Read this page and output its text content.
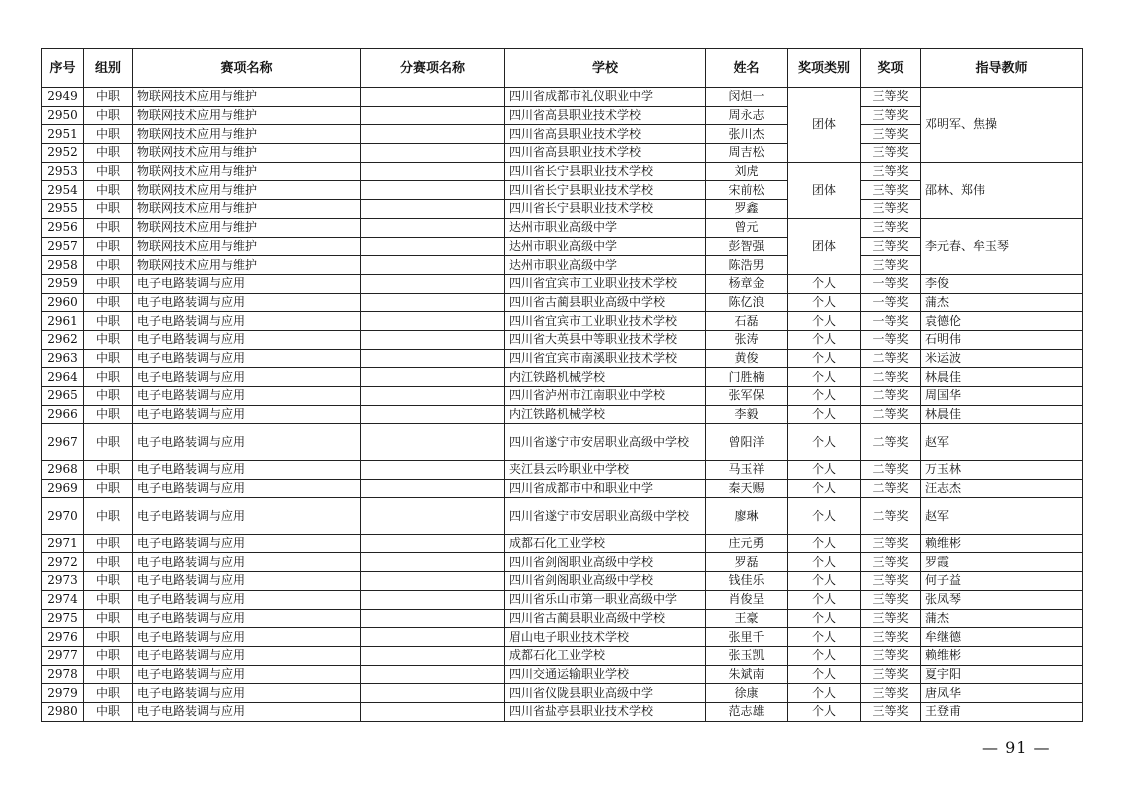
序号	组别	赛项名称	分赛项名称	学校	姓名	奖项类别	奖项	指导教师
2949	中职	物联网技术应用与维护		四川省成都市礼仪职业中学	闵炟一	团体	三等奖	邓明军、焦操
2950	中职	物联网技术应用与维护		四川省高县职业技术学校	周永志		三等奖	
2951	中职	物联网技术应用与维护		四川省高县职业技术学校	张川杰		三等奖	
2952	中职	物联网技术应用与维护		四川省高县职业技术学校	周吉松		三等奖	
2953	中职	物联网技术应用与维护		四川省长宁县职业技术学校	刘虎	团体	三等奖	邵林、郑伟
2954	中职	物联网技术应用与维护		四川省长宁县职业技术学校	宋前松		三等奖	
2955	中职	物联网技术应用与维护		四川省长宁县职业技术学校	罗鑫		三等奖	
2956	中职	物联网技术应用与维护		达州市职业高级中学	曾元	团体	三等奖	李元春、牟玉琴
2957	中职	物联网技术应用与维护		达州市职业高级中学	彭智强		三等奖	
2958	中职	物联网技术应用与维护		达州市职业高级中学	陈浩男		三等奖	
2959	中职	电子电路装调与应用		四川省宜宾市工业职业技术学校	杨章金	个人	一等奖	李俊
2960	中职	电子电路装调与应用		四川省古蔺县职业高级中学校	陈亿浪	个人	一等奖	蒲杰
2961	中职	电子电路装调与应用		四川省宜宾市工业职业技术学校	石磊	个人	一等奖	袁德伦
2962	中职	电子电路装调与应用		四川省大英县中等职业技术学校	张涛	个人	一等奖	石明伟
2963	中职	电子电路装调与应用		四川省宜宾市南溪职业技术学校	黄俊	个人	二等奖	米运波
2964	中职	电子电路装调与应用		内江铁路机械学校	门胜楠	个人	二等奖	林晨佳
2965	中职	电子电路装调与应用		四川省泸州市江南职业中学校	张军保	个人	二等奖	周国华
2966	中职	电子电路装调与应用		内江铁路机械学校	李毅	个人	二等奖	林晨佳
2967	中职	电子电路装调与应用		四川省遂宁市安居职业高级中学校	曾阳洋	个人	二等奖	赵军
2968	中职	电子电路装调与应用		夹江县云吟职业中学校	马玉祥	个人	二等奖	万玉林
2969	中职	电子电路装调与应用		四川省成都市中和职业中学	秦天赐	个人	二等奖	汪志杰
2970	中职	电子电路装调与应用		四川省遂宁市安居职业高级中学校	廖琳	个人	二等奖	赵军
2971	中职	电子电路装调与应用		成都石化工业学校	庄元勇	个人	三等奖	赖维彬
2972	中职	电子电路装调与应用		四川省剑阁职业高级中学校	罗磊	个人	三等奖	罗霞
2973	中职	电子电路装调与应用		四川省剑阁职业高级中学校	钱佳乐	个人	三等奖	何子益
2974	中职	电子电路装调与应用		四川省乐山市第一职业高级中学	肖俊呈	个人	三等奖	张凤琴
2975	中职	电子电路装调与应用		四川省古蔺县职业高级中学校	王豪	个人	三等奖	蒲杰
2976	中职	电子电路装调与应用		眉山电子职业技术学校	张里千	个人	三等奖	牟继德
2977	中职	电子电路装调与应用		成都石化工业学校	张玉凯	个人	三等奖	赖维彬
2978	中职	电子电路装调与应用		四川交通运输职业学校	朱斌南	个人	三等奖	夏宇阳
2979	中职	电子电路装调与应用		四川省仪陇县职业高级中学	徐康	个人	三等奖	唐凤华
2980	中职	电子电路装调与应用		四川省盐亭县职业技术学校	范志雄	个人	三等奖	王登甫
— 91 —
